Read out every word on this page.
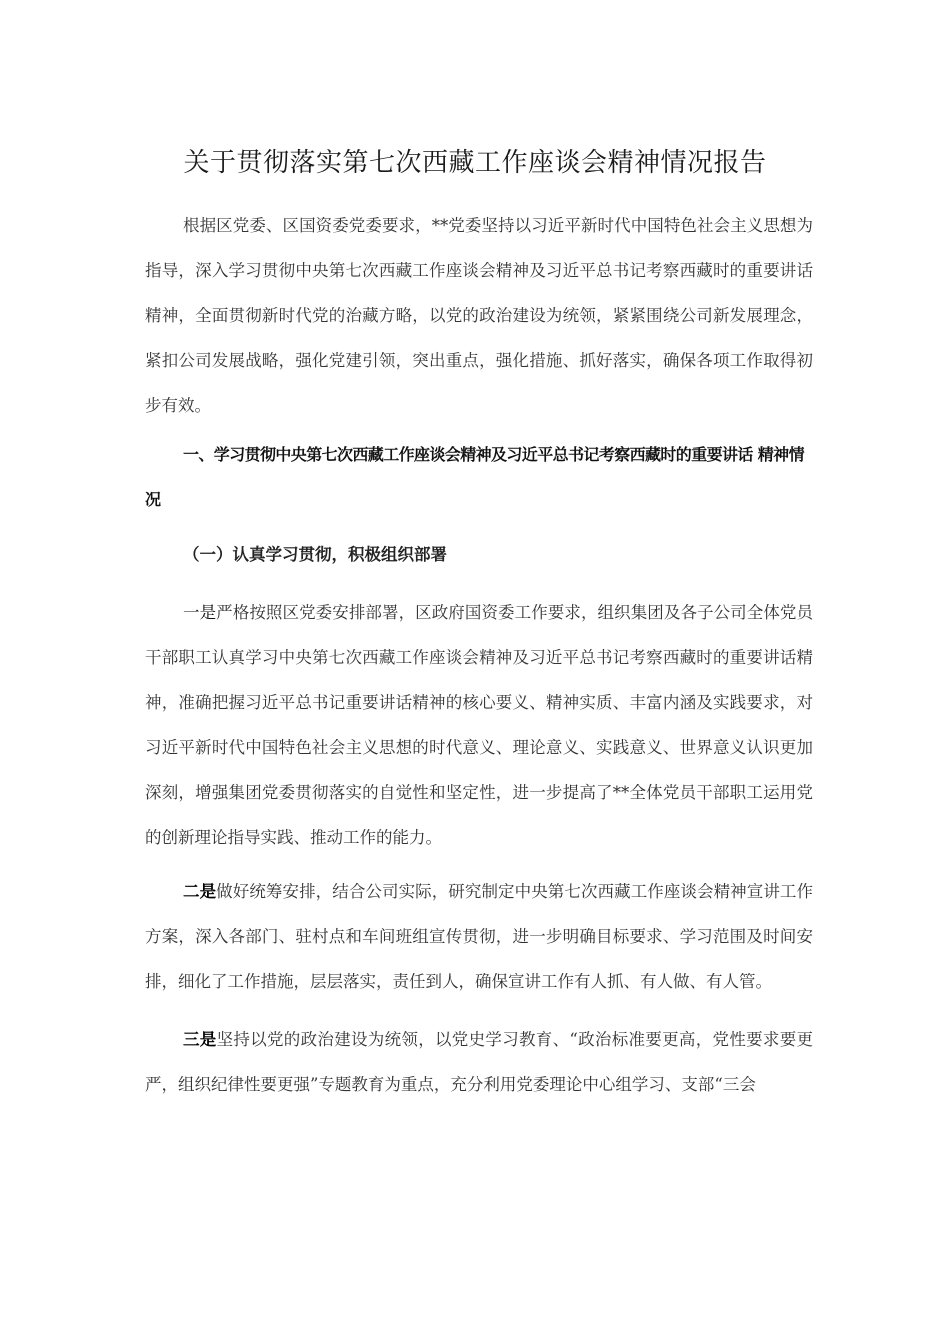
关于贯彻落实第七次西藏工作座谈会精神情况报告

根据区党委、区国资委党委要求，**党委坚持以习近平新时代中国特色社会主义思想为指导，深入学习贯彻中央第七次西藏工作座谈会精神及习近平总书记考察西藏时的重要讲话精神，全面贯彻新时代党的治藏方略，以党的政治建设为统领，紧紧围绕公司新发展理念，紧扣公司发展战略，强化党建引领，突出重点，强化措施、抓好落实，确保各项工作取得初步有效。

一、学习贯彻中央第七次西藏工作座谈会精神及习近平总书记考察西藏时的重要讲话 精神情况

（一）认真学习贯彻，积极组织部署

一是严格按照区党委安排部署，区政府国资委工作要求，组织集团及各子公司全体党员干部职工认真学习中央第七次西藏工作座谈会精神及习近平总书记考察西藏时的重要讲话精神，准确把握习近平总书记重要讲话精神的核心要义、精神实质、丰富内涵及实践要求，对习近平新时代中国特色社会主义思想的时代意义、理论意义、实践意义、世界意义认识更加深刻，增强集团党委贯彻落实的自觉性和坚定性，进一步提高了**全体党员干部职工运用党的创新理论指导实践、推动工作的能力。

二是做好统筹安排，结合公司实际，研究制定中央第七次西藏工作座谈会精神宣讲工作方案，深入各部门、驻村点和车间班组宣传贯彻，进一步明确目标要求、学习范围及时间安排，细化了工作措施，层层落实，责任到人，确保宣讲工作有人抓、有人做、有人管。

三是坚持以党的政治建设为统领，以党史学习教育、“政治标准要更高，党性要求要更严，组织纪律性要更强”专题教育为重点，充分利用党委理论中心组学习、支部“三会
